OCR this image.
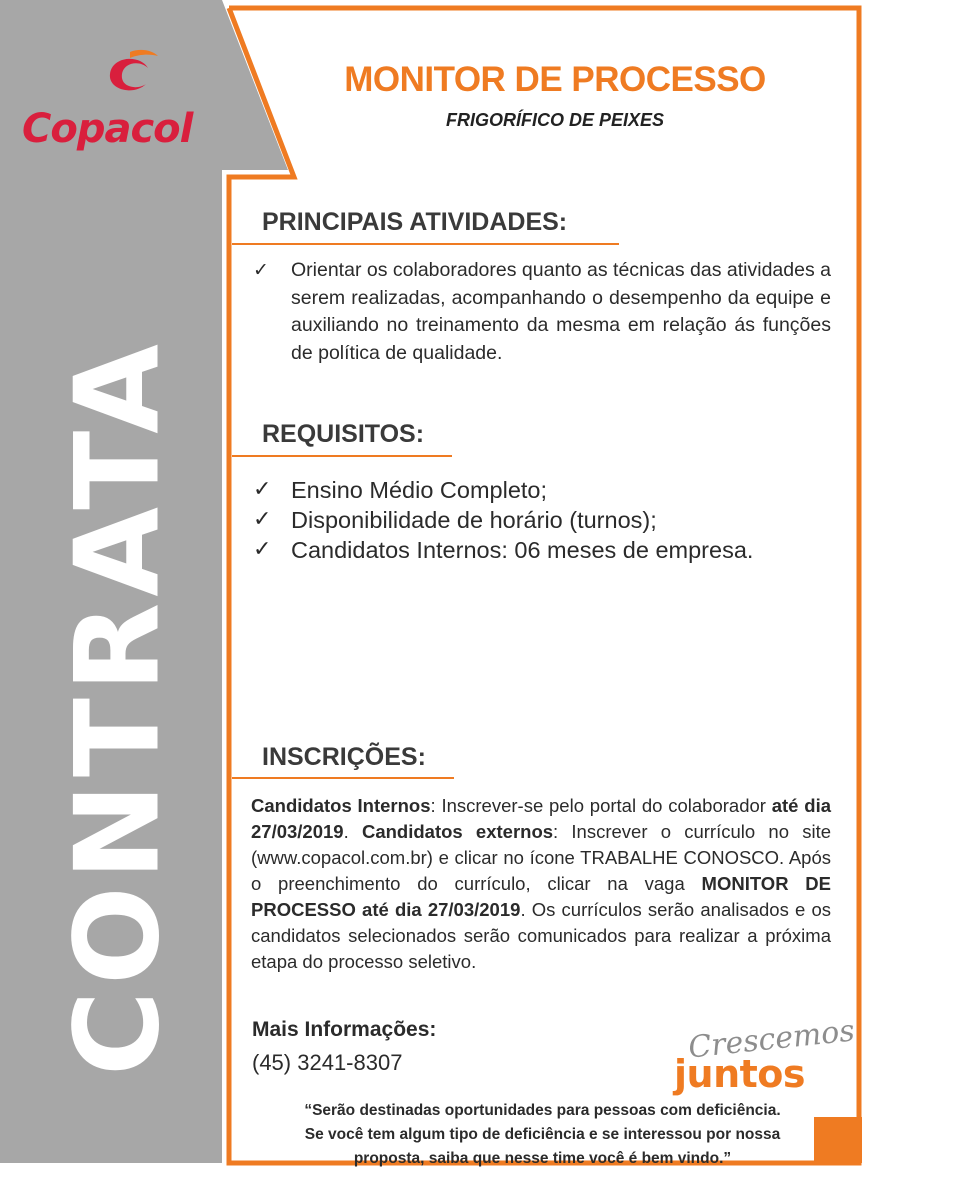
Copacol
CONTRATA
MONITOR DE PROCESSO
FRIGORÍFICO DE PEIXES
PRINCIPAIS ATIVIDADES:
✓ Orientar os colaboradores quanto as técnicas das atividades a serem realizadas, acompanhando o desempenho da equipe e auxiliando no treinamento da mesma em relação ás funções de política de qualidade.
REQUISITOS:
✓ Ensino Médio Completo;
✓ Disponibilidade de horário (turnos);
✓ Candidatos Internos: 06 meses de empresa.
INSCRIÇÕES:
Candidatos Internos: Inscrever-se pelo portal do colaborador até dia 27/03/2019. Candidatos externos: Inscrever o currículo no site (www.copacol.com.br) e clicar no ícone TRABALHE CONOSCO. Após o preenchimento do currículo, clicar na vaga MONITOR DE PROCESSO até dia 27/03/2019. Os currículos serão analisados e os candidatos selecionados serão comunicados para realizar a próxima etapa do processo seletivo.
Mais Informações:
(45) 3241-8307	Crescemos
juntos
“Serão destinadas oportunidades para pessoas com deficiência.
Se você tem algum tipo de deficiência e se interessou por nossa
proposta, saiba que nesse time você é bem vindo.”
